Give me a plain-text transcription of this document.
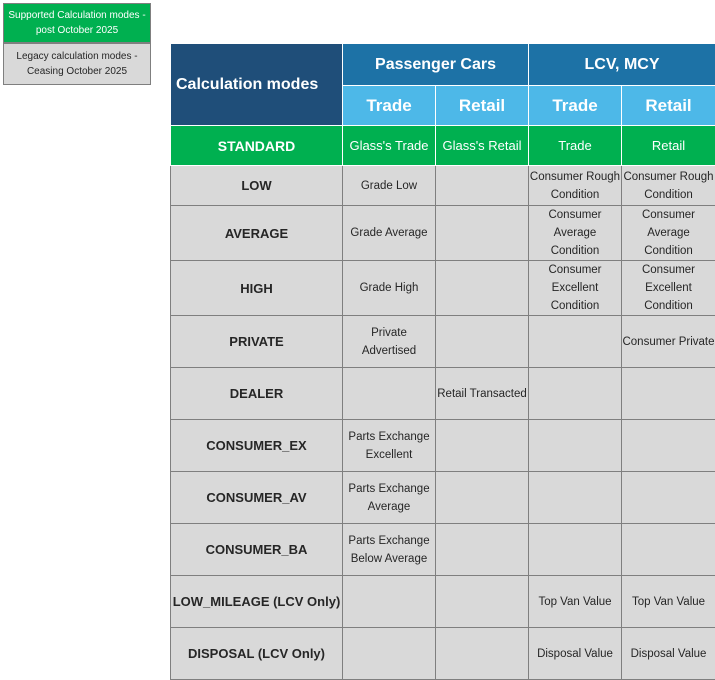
Supported Calculation modes - post October 2025
Legacy calculation modes - Ceasing October 2025
Calculation modes	Passenger Cars		LCV, MCY	
	Trade	Retail	Trade	Retail

STANDARD	Glass's Trade	Glass's Retail	Trade	Retail

LOW	Grade Low		Consumer Rough Condition	Consumer Rough Condition

AVERAGE	Grade Average		Consumer Average Condition	Consumer Average Condition

HIGH	Grade High		Consumer Excellent Condition	Consumer Excellent Condition

PRIVATE	Private Advertised			Consumer Private

DEALER		Retail Transacted		

CONSUMER_EX	Parts Exchange Excellent			

CONSUMER_AV	Parts Exchange Average			

CONSUMER_BA	Parts Exchange Below Average			

LOW_MILEAGE (LCV Only)			Top Van Value	Top Van Value

DISPOSAL (LCV Only)			Disposal Value	Disposal Value
